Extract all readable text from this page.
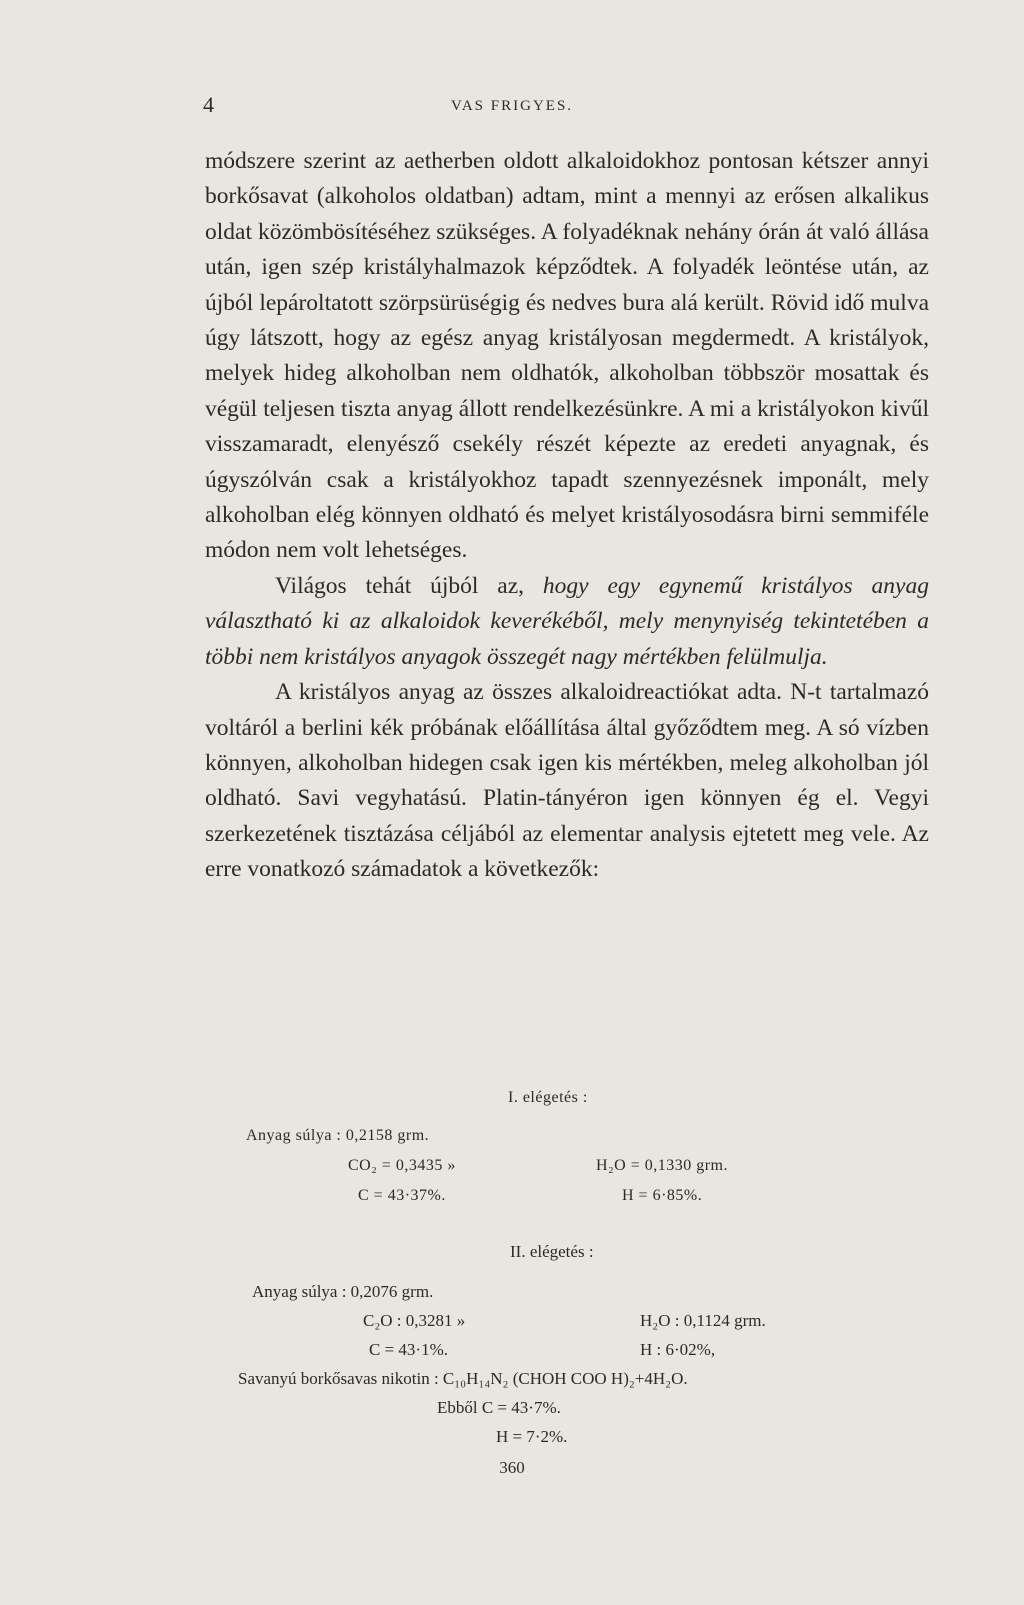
4	VAS FRIGYES.

módszere szerint az aetherben oldott alkaloidokhoz pontosan kétszer annyi borkősavat (alkoholos oldatban) adtam, mint a mennyi az erősen alkalikus oldat közömbösítéséhez szükséges. A folyadéknak nehány órán át való állása után, igen szép kristályhalmazok képződtek. A folyadék leöntése után, az újból lepároltatott szörpsürüségig és nedves bura alá került. Rövid idő mulva úgy látszott, hogy az egész anyag kristályosan megdermedt. A kristályok, melyek hideg alkoholban nem oldhatók, alkoholban többször mosattak és végül teljesen tiszta anyag állott rendelkezésünkre. A mi a kristályokon kivűl visszamaradt, elenyésző csekély részét képezte az eredeti anyagnak, és úgyszólván csak a kristályokhoz tapadt szennyezésnek imponált, mely alkoholban elég könnyen oldható és melyet kristályosodásra birni semmiféle módon nem volt lehetséges.

Világos tehát újból az, hogy egy egynemű kristályos anyag választható ki az alkaloidok keverékéből, mely menynyiség tekintetében a többi nem kristályos anyagok összegét nagy mértékben felülmulja.

A kristályos anyag az összes alkaloidreactiókat adta. N-t tartalmazó voltáról a berlini kék próbának előállítása által győződtem meg. A só vízben könnyen, alkoholban hidegen csak igen kis mértékben, meleg alkoholban jól oldható. Savi vegyhatású. Platin-tányéron igen könnyen ég el. Vegyi szerkezetének tisztázása céljából az elementar analysis ejtetett meg vele. Az erre vonatkozó számadatok a következők:

I. elégetés :
Anyag súlya : 0,2158 grm.
CO₂ = 0,3435 »	H₂O = 0,1330 grm.
C = 43·37%.	H = 6·85%.
II. elégetés :
Anyag súlya : 0,2076 grm.
C₂O : 0,3281 »	H₂O : 0,1124 grm.
C = 43·1%.	H : 6·02%,
Savanyú borkősavas nikotin : C₁₀H₁₄N₂ (CHOH COO H)₂+4H₂O.
Ebből C = 43·7%.
H = 7·2%.
360
